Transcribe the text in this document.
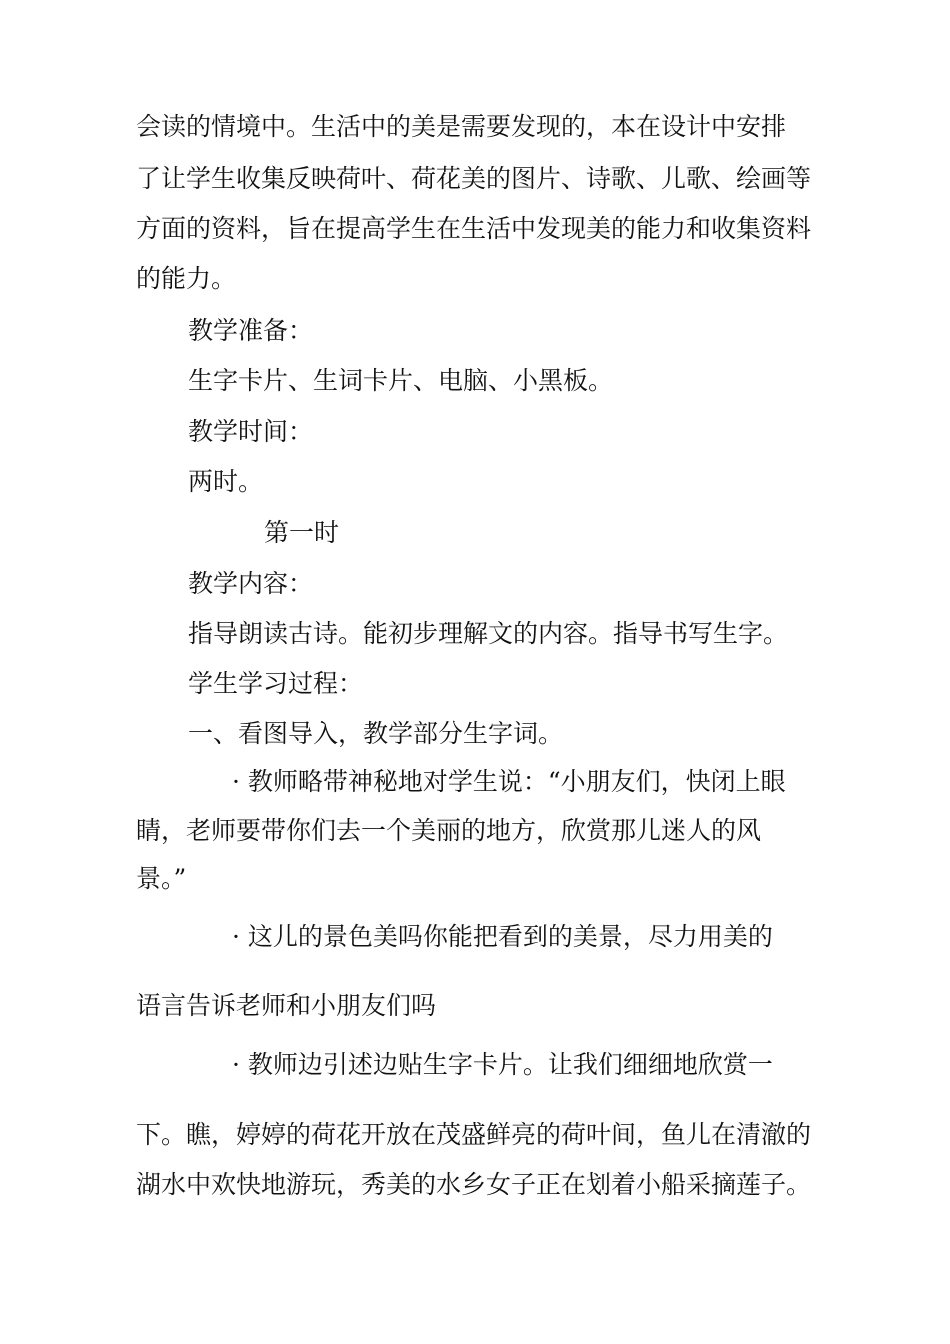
会读的情境中。生活中的美是需要发现的，本在设计中安排
了让学生收集反映荷叶、荷花美的图片、诗歌、儿歌、绘画等
方面的资料，旨在提高学生在生活中发现美的能力和收集资料
的能力。
教学准备：
生字卡片、生词卡片、电脑、小黑板。
教学时间：
两时。
第一时
教学内容：
指导朗读古诗。能初步理解文的内容。指导书写生字。
学生学习过程：
一、看图导入，教学部分生字词。
· 教师略带神秘地对学生说：“小朋友们，快闭上眼
睛，老师要带你们去一个美丽的地方，欣赏那儿迷人的风
景。”
· 这儿的景色美吗你能把看到的美景，尽力用美的
语言告诉老师和小朋友们吗
· 教师边引述边贴生字卡片。让我们细细地欣赏一
下。瞧，婷婷的荷花开放在茂盛鲜亮的荷叶间，鱼儿在清澈的
湖水中欢快地游玩，秀美的水乡女子正在划着小船采摘莲子。
